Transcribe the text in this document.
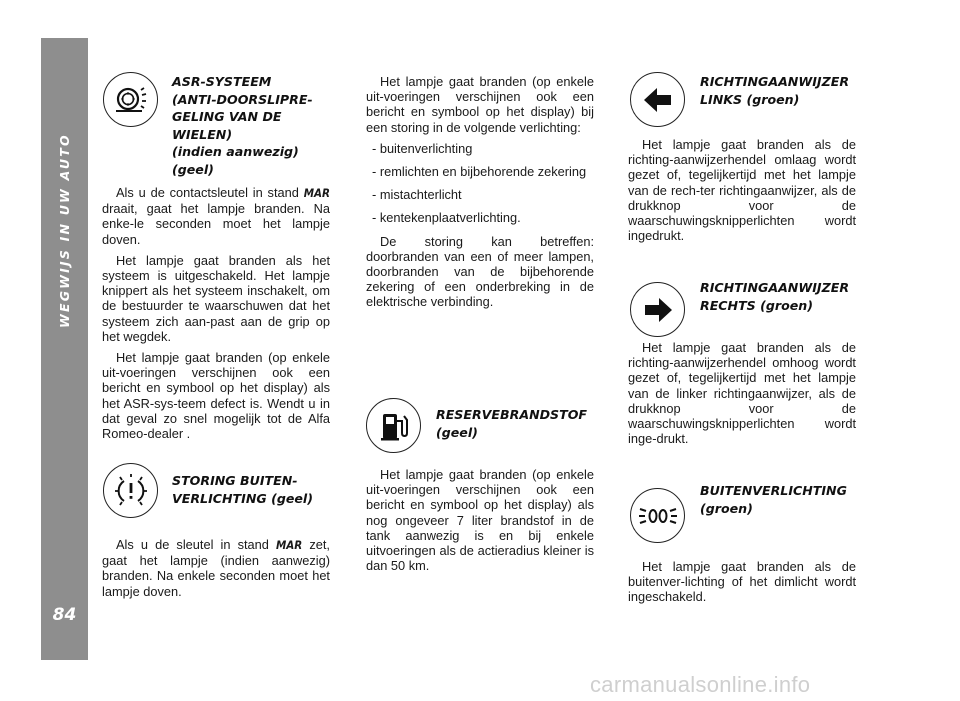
WEGWIJS IN UW AUTO
84
ASR-SYSTEEM
(ANTI-DOORSLIPRE-
GELING VAN DE
WIELEN)
(indien aanwezig)
(geel)

Als u de contactsleutel in stand MAR draait, gaat het lampje branden. Na enke-le seconden moet het lampje doven.

Het lampje gaat branden als het systeem is uitgeschakeld. Het lampje knippert als het systeem inschakelt, om de bestuurder te waarschuwen dat het systeem zich aan-past aan de grip op het wegdek.

Het lampje gaat branden (op enkele uit-voeringen verschijnen ook een bericht en symbool op het display) als het ASR-sys-teem defect is. Wendt u in dat geval zo snel mogelijk tot de Alfa Romeo-dealer .

STORING BUITEN-
VERLICHTING (geel)

Als u de sleutel in stand MAR zet, gaat het lampje (indien aanwezig) branden. Na enkele seconden moet het lampje doven.

Het lampje gaat branden (op enkele uit-voeringen verschijnen ook een bericht en symbool op het display) bij een storing in de volgende verlichting:

- buitenverlichting
- remlichten en bijbehorende zekering
- mistachterlicht
- kentekenplaatverlichting.

De storing kan betreffen: doorbranden van een of meer lampen, doorbranden van de bijbehorende zekering of een onderbreking in de elektrische verbinding.

RESERVEBRANDSTOF
(geel)

Het lampje gaat branden (op enkele uit-voeringen verschijnen ook een bericht en symbool op het display) als nog ongeveer 7 liter brandstof in de tank aanwezig is en bij enkele uitvoeringen als de actieradius kleiner is dan 50 km.

RICHTINGAANWIJZER
LINKS (groen)

Het lampje gaat branden als de richting-aanwijzerhendel omlaag wordt gezet of, tegelijkertijd met het lampje van de rech-ter richtingaanwijzer, als de drukknop voor de waarschuwingsknipperlichten wordt ingedrukt.

RICHTINGAANWIJZER
RECHTS (groen)

Het lampje gaat branden als de richting-aanwijzerhendel omhoog wordt gezet of, tegelijkertijd met het lampje van de linker richtingaanwijzer, als de drukknop voor de waarschuwingsknipperlichten wordt inge-drukt.

BUITENVERLICHTING
(groen)

Het lampje gaat branden als de buitenver-lichting of het dimlicht wordt ingeschakeld.

carmanualsonline.info
